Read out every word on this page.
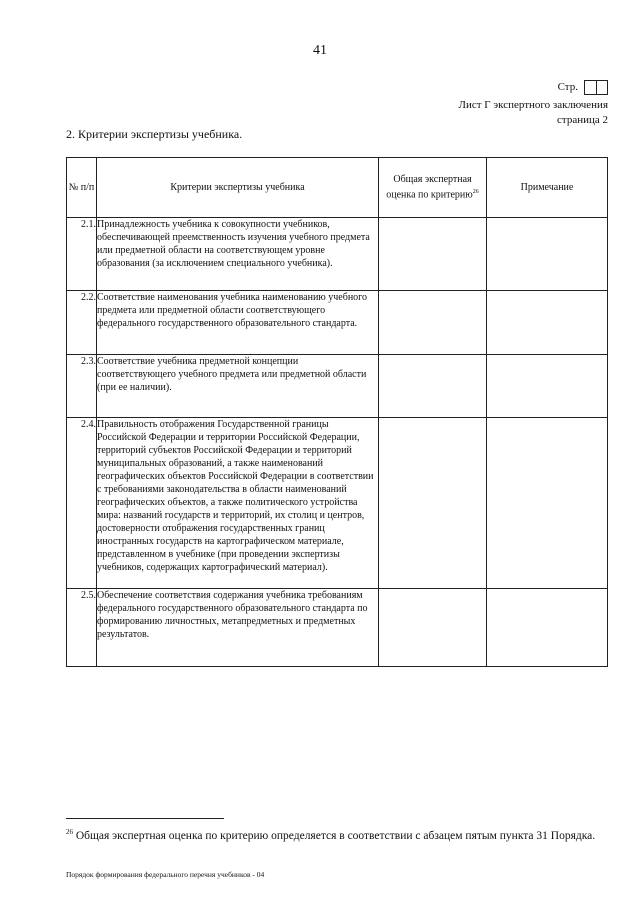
41
Стр.
Лист Г экспертного заключения
страница 2
2. Критерии экспертизы учебника.
№ п/п	Критерии экспертизы учебника	Общая экспертная оценка по критерию$^{26}$	Примечание
2.1.	Принадлежность учебника к совокупности учебников, обеспечивающей преемственность изучения учебного предмета или предметной области на соответствующем уровне образования (за исключением специального учебника).		
2.2.	Соответствие наименования учебника наименованию учебного предмета или предметной области соответствующего федерального государственного образовательного стандарта.		
2.3.	Соответствие учебника предметной концепции соответствующего учебного предмета или предметной области (при ее наличии).		
2.4.	Правильность отображения Государственной границы Российской Федерации и территории Российской Федерации, территорий субъектов Российской Федерации и территорий муниципальных образований, а также наименований географических объектов Российской Федерации в соответствии с требованиями законодательства в области наименований географических объектов, а также политического устройства мира: названий государств и территорий, их столиц и центров, достоверности отображения государственных границ иностранных государств на картографическом материале, представленном в учебнике (при проведении экспертизы учебников, содержащих картографический материал).		
2.5.	Обеспечение соответствия содержания учебника требованиям федерального государственного образовательного стандарта по формированию личностных, метапредметных и предметных результатов.		
$^{26}$ Общая экспертная оценка по критерию определяется в соответствии с абзацем пятым пункта 31 Порядка.
Порядок формирования федерального перечня учебников - 04
